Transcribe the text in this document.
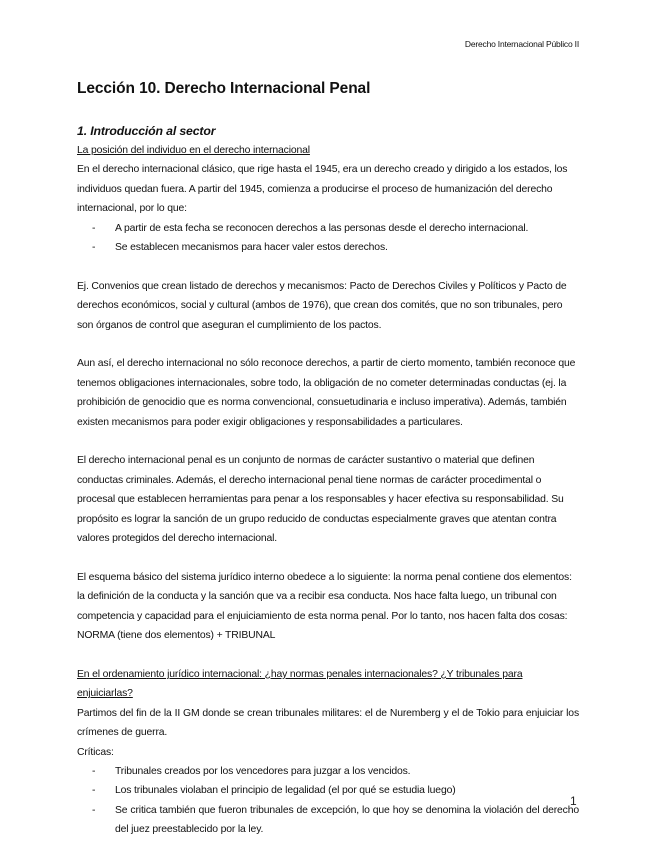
Derecho Internacional Público II
Lección 10. Derecho Internacional Penal
1. Introducción al sector

La posición del individuo en el derecho internacional

En el derecho internacional clásico, que rige hasta el 1945, era un derecho creado y dirigido a los estados, los individuos quedan fuera. A partir del 1945, comienza a producirse el proceso de humanización del derecho internacional, por lo que:

- A partir de esta fecha se reconocen derechos a las personas desde el derecho internacional.
- Se establecen mecanismos para hacer valer estos derechos.

Ej. Convenios que crean listado de derechos y mecanismos: Pacto de Derechos Civiles y Políticos y Pacto de derechos económicos, social y cultural (ambos de 1976), que crean dos comités, que no son tribunales, pero son órganos de control que aseguran el cumplimiento de los pactos.

Aun así, el derecho internacional no sólo reconoce derechos, a partir de cierto momento, también reconoce que tenemos obligaciones internacionales, sobre todo, la obligación de no cometer determinadas conductas (ej. la prohibición de genocidio que es norma convencional, consuetudinaria e incluso imperativa). Además, también existen mecanismos para poder exigir obligaciones y responsabilidades a particulares.

El derecho internacional penal es un conjunto de normas de carácter sustantivo o material que definen conductas criminales. Además, el derecho internacional penal tiene normas de carácter procedimental o procesal que establecen herramientas para penar a los responsables y hacer efectiva su responsabilidad. Su propósito es lograr la sanción de un grupo reducido de conductas especialmente graves que atentan contra valores protegidos del derecho internacional.

El esquema básico del sistema jurídico interno obedece a lo siguiente: la norma penal contiene dos elementos: la definición de la conducta y la sanción que va a recibir esa conducta. Nos hace falta luego, un tribunal con competencia y capacidad para el enjuiciamiento de esta norma penal. Por lo tanto, nos hacen falta dos cosas: NORMA (tiene dos elementos) + TRIBUNAL

En el ordenamiento jurídico internacional: ¿hay normas penales internacionales? ¿Y tribunales para enjuiciarlas?

Partimos del fin de la II GM donde se crean tribunales militares: el de Nuremberg y el de Tokio para enjuiciar los crímenes de guerra.

Críticas:

- Tribunales creados por los vencedores para juzgar a los vencidos.
- Los tribunales violaban el principio de legalidad (el por qué se estudia luego)
- Se critica también que fueron tribunales de excepción, lo que hoy se denomina la violación del derecho del juez preestablecido por la ley.
1
